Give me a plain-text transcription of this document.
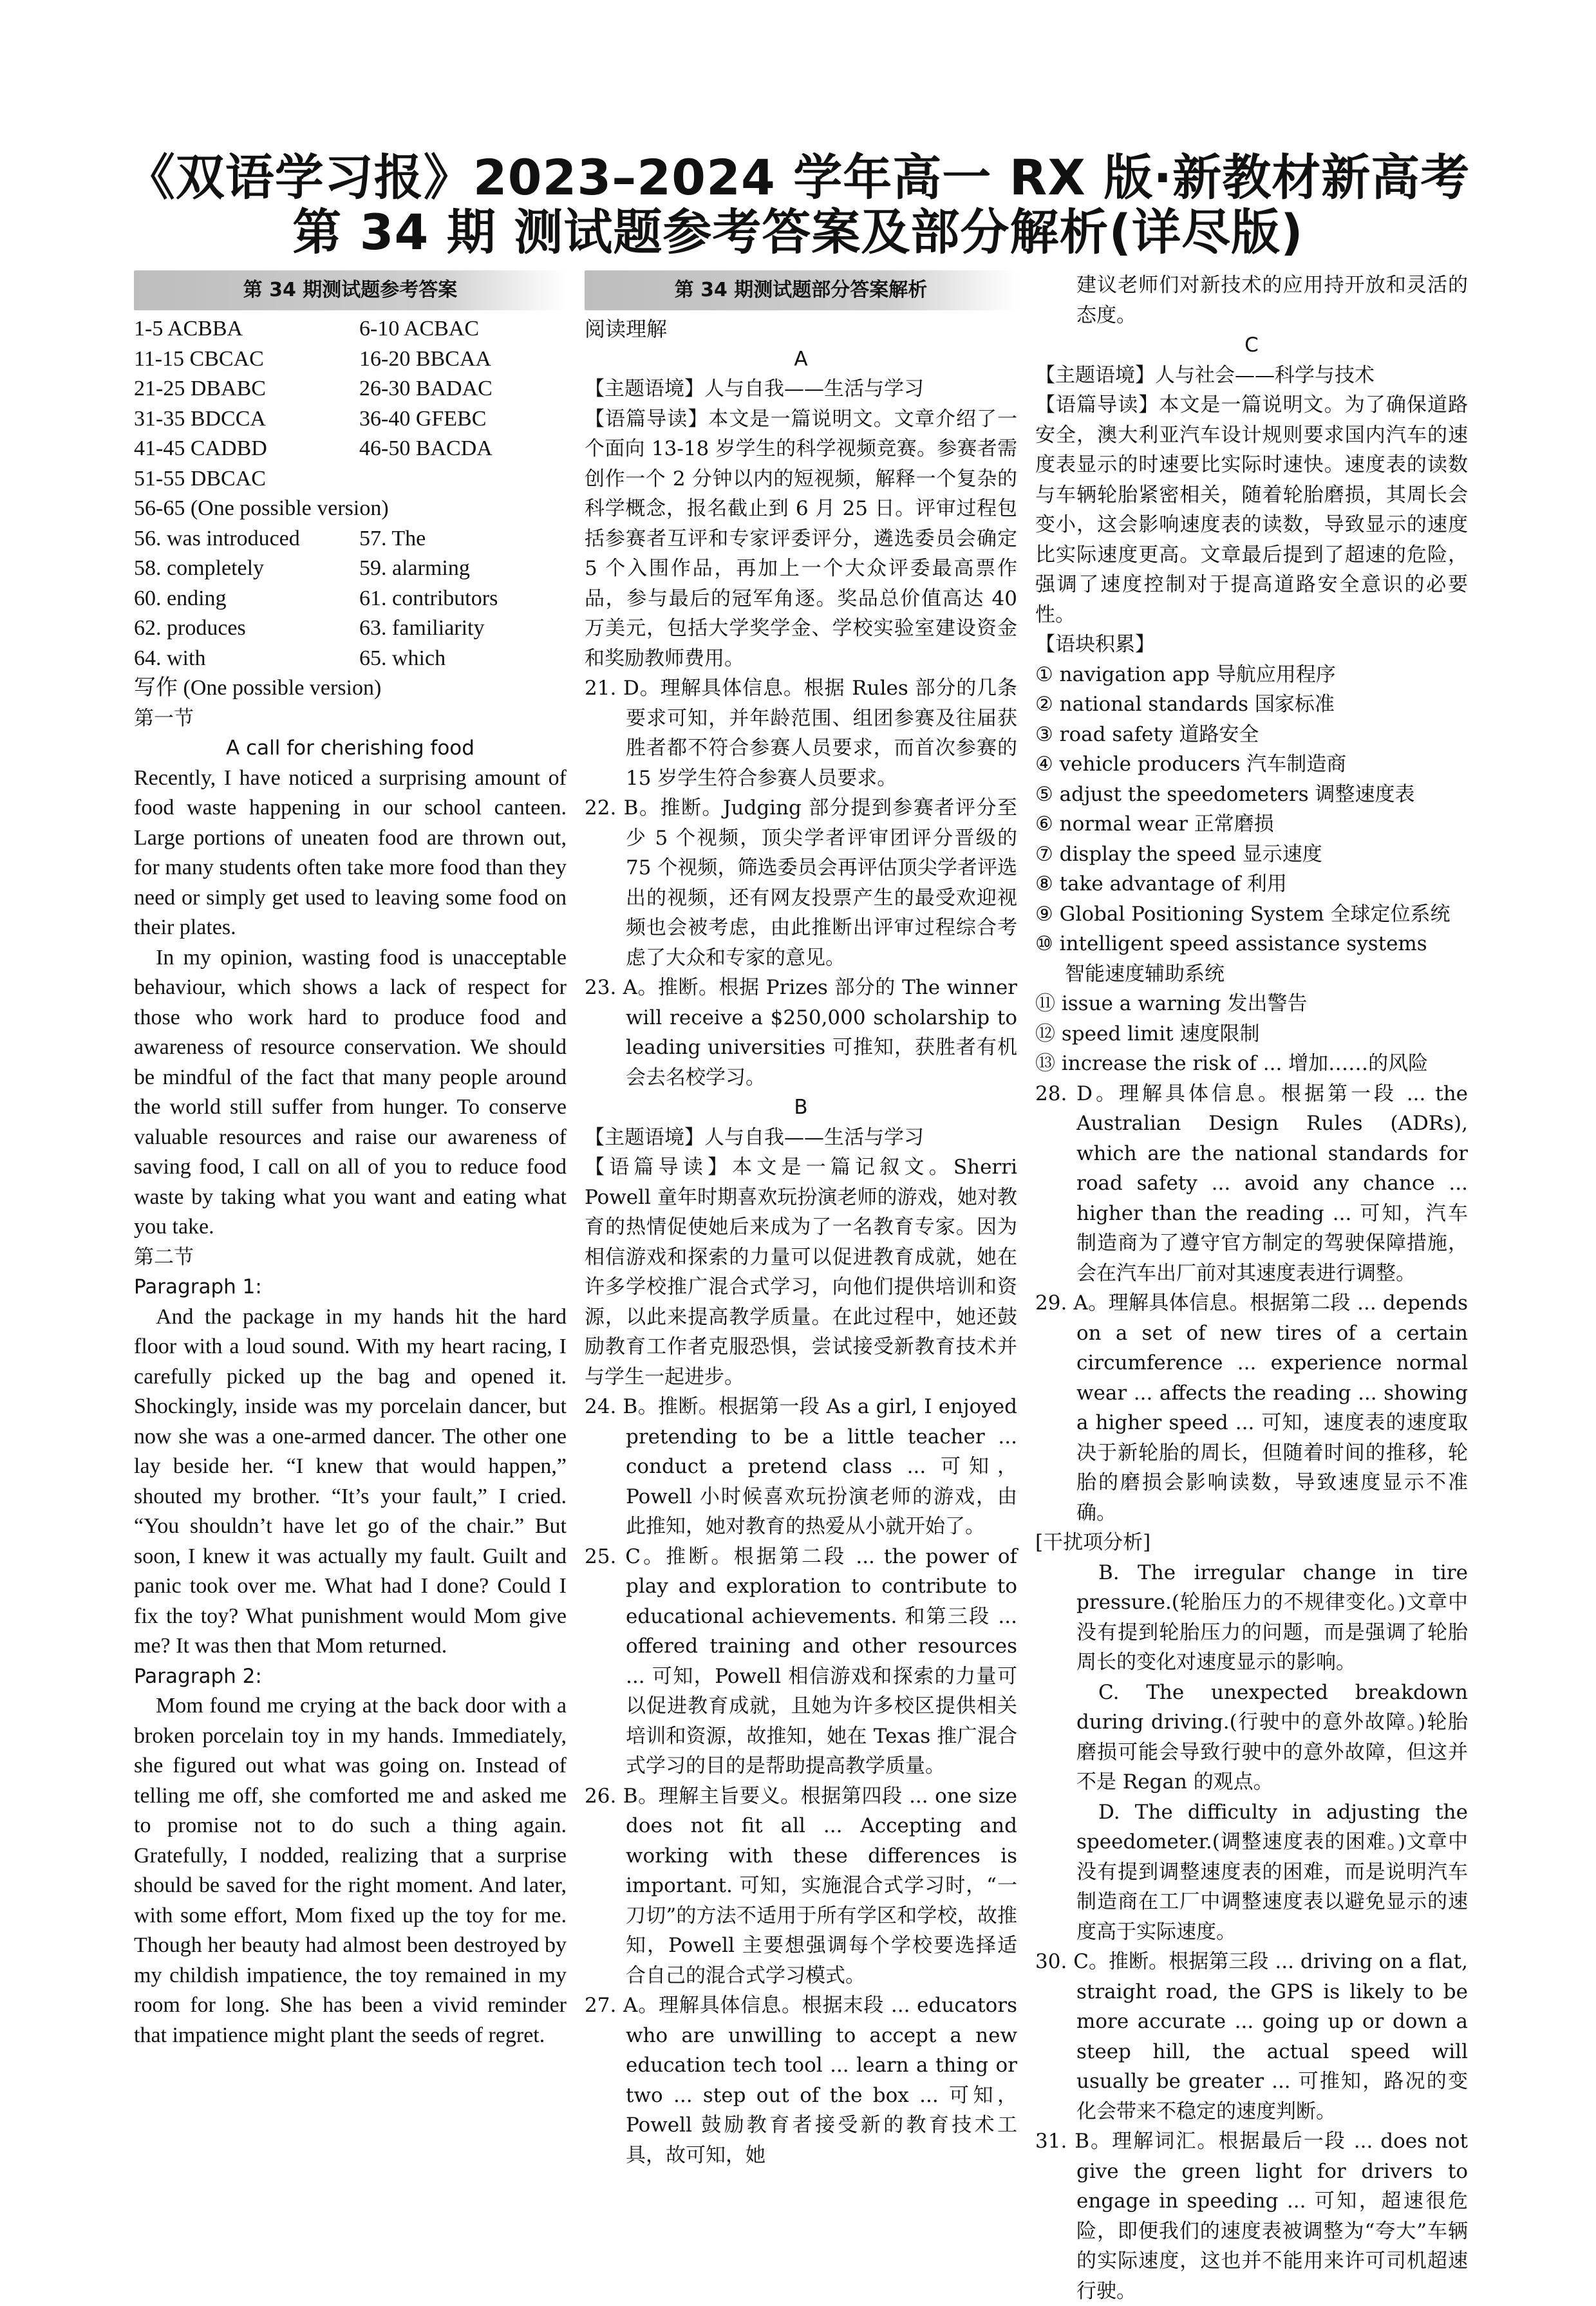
《双语学习报》2023–2024 学年高一 RX 版·新教材新高考
第 34 期 测试题参考答案及部分解析(详尽版)
第 34 期测试题参考答案
1-5 ACBBA	6-10 ACBAC
11-15 CBCAC	16-20 BBCAA
21-25 DBABC	26-30 BADAC
31-35 BDCCA	36-40 GFEBC
41-45 CADBD	46-50 BACDA
51-55 DBCAC
56-65 (One possible version)
56. was introduced	57. The
58. completely	59. alarming
60. ending	61. contributors
62. produces	63. familiarity
64. with	65. which
写作 (One possible version)
第一节
A call for cherishing food
Recently, I have noticed a surprising amount of food waste happening in our school canteen. Large portions of uneaten food are thrown out, for many students often take more food than they need or simply get used to leaving some food on their plates.
In my opinion, wasting food is unacceptable behaviour, which shows a lack of respect for those who work hard to produce food and awareness of resource conservation. We should be mindful of the fact that many people around the world still suffer from hunger. To conserve valuable resources and raise our awareness of saving food, I call on all of you to reduce food waste by taking what you want and eating what you take.
第二节
Paragraph 1:
And the package in my hands hit the hard floor with a loud sound. With my heart racing, I carefully picked up the bag and opened it. Shockingly, inside was my porcelain dancer, but now she was a one-armed dancer. The other one lay beside her. “I knew that would happen,” shouted my brother. “It’s your fault,” I cried. “You shouldn’t have let go of the chair.” But soon, I knew it was actually my fault. Guilt and panic took over me. What had I done? Could I fix the toy? What punishment would Mom give me? It was then that Mom returned.
Paragraph 2:
Mom found me crying at the back door with a broken porcelain toy in my hands. Immediately, she figured out what was going on. Instead of telling me off, she comforted me and asked me to promise not to do such a thing again. Gratefully, I nodded, realizing that a surprise should be saved for the right moment. And later, with some effort, Mom fixed up the toy for me. Though her beauty had almost been destroyed by my childish impatience, the toy remained in my room for long. She has been a vivid reminder that impatience might plant the seeds of regret.
第 34 期测试题部分答案解析
阅读理解
A
【主题语境】人与自我——生活与学习
【语篇导读】本文是一篇说明文。文章介绍了一个面向 13-18 岁学生的科学视频竞赛。参赛者需创作一个 2 分钟以内的短视频，解释一个复杂的科学概念，报名截止到 6 月 25 日。评审过程包括参赛者互评和专家评委评分，遴选委员会确定 5 个入围作品，再加上一个大众评委最高票作品，参与最后的冠军角逐。奖品总价值高达 40 万美元，包括大学奖学金、学校实验室建设资金和奖励教师费用。
21. D。理解具体信息。根据 Rules 部分的几条要求可知，并年龄范围、组团参赛及往届获胜者都不符合参赛人员要求，而首次参赛的 15 岁学生符合参赛人员要求。
22. B。推断。Judging 部分提到参赛者评分至少 5 个视频，顶尖学者评审团评分晋级的 75 个视频，筛选委员会再评估顶尖学者评选出的视频，还有网友投票产生的最受欢迎视频也会被考虑，由此推断出评审过程综合考虑了大众和专家的意见。
23. A。推断。根据 Prizes 部分的 The winner will receive a $250,000 scholarship to leading universities 可推知，获胜者有机会去名校学习。
B
【主题语境】人与自我——生活与学习
【语篇导读】本文是一篇记叙文。Sherri Powell 童年时期喜欢玩扮演老师的游戏，她对教育的热情促使她后来成为了一名教育专家。因为相信游戏和探索的力量可以促进教育成就，她在许多学校推广混合式学习，向他们提供培训和资源，以此来提高教学质量。在此过程中，她还鼓励教育工作者克服恐惧，尝试接受新教育技术并与学生一起进步。
24. B。推断。根据第一段 As a girl, I enjoyed pretending to be a little teacher ... conduct a pretend class ... 可知，Powell 小时候喜欢玩扮演老师的游戏，由此推知，她对教育的热爱从小就开始了。
25. C。推断。根据第二段 ... the power of play and exploration to contribute to educational achievements. 和第三段 ... offered training and other resources ... 可知，Powell 相信游戏和探索的力量可以促进教育成就，且她为许多校区提供相关培训和资源，故推知，她在 Texas 推广混合式学习的目的是帮助提高教学质量。
26. B。理解主旨要义。根据第四段 ... one size does not fit all ... Accepting and working with these differences is important. 可知，实施混合式学习时，“一刀切”的方法不适用于所有学区和学校，故推知，Powell 主要想强调每个学校要选择适合自己的混合式学习模式。
27. A。理解具体信息。根据末段 ... educators who are unwilling to accept a new education tech tool ... learn a thing or two ... step out of the box ... 可知，Powell 鼓励教育者接受新的教育技术工具，故可知，她
建议老师们对新技术的应用持开放和灵活的态度。
C
【主题语境】人与社会——科学与技术
【语篇导读】本文是一篇说明文。为了确保道路安全，澳大利亚汽车设计规则要求国内汽车的速度表显示的时速要比实际时速快。速度表的读数与车辆轮胎紧密相关，随着轮胎磨损，其周长会变小，这会影响速度表的读数，导致显示的速度比实际速度更高。文章最后提到了超速的危险，强调了速度控制对于提高道路安全意识的必要性。
【语块积累】
① navigation app 导航应用程序
② national standards 国家标准
③ road safety 道路安全
④ vehicle producers 汽车制造商
⑤ adjust the speedometers 调整速度表
⑥ normal wear 正常磨损
⑦ display the speed 显示速度
⑧ take advantage of 利用
⑨ Global Positioning System 全球定位系统
⑩ intelligent speed assistance systems
智能速度辅助系统
⑪ issue a warning 发出警告
⑫ speed limit 速度限制
⑬ increase the risk of ... 增加……的风险
28. D。理解具体信息。根据第一段 ... the Australian Design Rules (ADRs), which are the national standards for road safety ... avoid any chance ... higher than the reading ... 可知，汽车制造商为了遵守官方制定的驾驶保障措施，会在汽车出厂前对其速度表进行调整。
29. A。理解具体信息。根据第二段 ... depends on a set of new tires of a certain circumference ... experience normal wear ... affects the reading ... showing a higher speed ... 可知，速度表的速度取决于新轮胎的周长，但随着时间的推移，轮胎的磨损会影响读数，导致速度显示不准确。
[干扰项分析]
B. The irregular change in tire pressure.(轮胎压力的不规律变化。)文章中没有提到轮胎压力的问题，而是强调了轮胎周长的变化对速度显示的影响。
C. The unexpected breakdown during driving.(行驶中的意外故障。)轮胎磨损可能会导致行驶中的意外故障，但这并不是 Regan 的观点。
D. The difficulty in adjusting the speedometer.(调整速度表的困难。)文章中没有提到调整速度表的困难，而是说明汽车制造商在工厂中调整速度表以避免显示的速度高于实际速度。
30. C。推断。根据第三段 ... driving on a flat, straight road, the GPS is likely to be more accurate ... going up or down a steep hill, the actual speed will usually be greater ... 可推知，路况的变化会带来不稳定的速度判断。
31. B。理解词汇。根据最后一段 ... does not give the green light for drivers to engage in speeding ... 可知，超速很危险，即便我们的速度表被调整为“夸大”车辆的实际速度，这也并不能用来许可司机超速行驶。
